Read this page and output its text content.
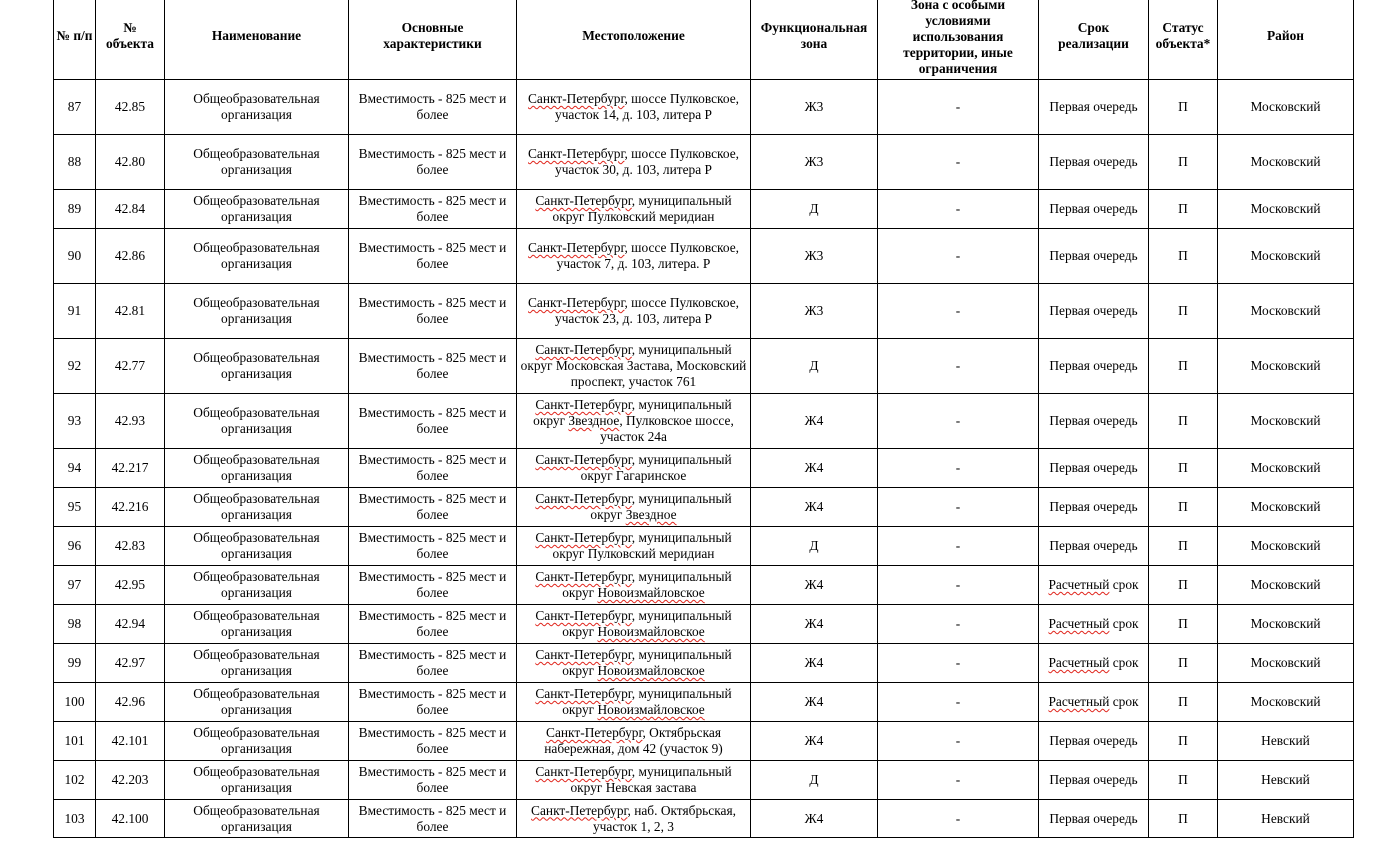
№ п/п	№ объекта	Наименование	Основные характеристики	Местоположение	Функциональная зона	Зона с особыми условиями использования территории, иные ограничения	Срок реализации	Статус объекта*	Район
87	42.85	Общеобразовательная организация	Вместимость - 825 мест и более	Санкт-Петербург, шоссе Пулковское, участок 14, д. 103, литера Р	Ж3	-	Первая очередь	П	Московский
88	42.80	Общеобразовательная организация	Вместимость - 825 мест и более	Санкт-Петербург, шоссе Пулковское, участок 30, д. 103, литера Р	Ж3	-	Первая очередь	П	Московский
89	42.84	Общеобразовательная организация	Вместимость - 825 мест и более	Санкт-Петербург, муниципальный округ Пулковский меридиан	Д	-	Первая очередь	П	Московский
90	42.86	Общеобразовательная организация	Вместимость - 825 мест и более	Санкт-Петербург, шоссе Пулковское, участок 7, д. 103, литера. Р	Ж3	-	Первая очередь	П	Московский
91	42.81	Общеобразовательная организация	Вместимость - 825 мест и более	Санкт-Петербург, шоссе Пулковское, участок 23, д. 103, литера Р	Ж3	-	Первая очередь	П	Московский
92	42.77	Общеобразовательная организация	Вместимость - 825 мест и более	Санкт-Петербург, муниципальный округ Московская Застава, Московский проспект, участок 761	Д	-	Первая очередь	П	Московский
93	42.93	Общеобразовательная организация	Вместимость - 825 мест и более	Санкт-Петербург, муниципальный округ Звездное, Пулковское шоссе, участок 24а	Ж4	-	Первая очередь	П	Московский
94	42.217	Общеобразовательная организация	Вместимость - 825 мест и более	Санкт-Петербург, муниципальный округ Гагаринское	Ж4	-	Первая очередь	П	Московский
95	42.216	Общеобразовательная организация	Вместимость - 825 мест и более	Санкт-Петербург, муниципальный округ Звездное	Ж4	-	Первая очередь	П	Московский
96	42.83	Общеобразовательная организация	Вместимость - 825 мест и более	Санкт-Петербург, муниципальный округ Пулковский меридиан	Д	-	Первая очередь	П	Московский
97	42.95	Общеобразовательная организация	Вместимость - 825 мест и более	Санкт-Петербург, муниципальный округ Новоизмайловское	Ж4	-	Расчетный срок	П	Московский
98	42.94	Общеобразовательная организация	Вместимость - 825 мест и более	Санкт-Петербург, муниципальный округ Новоизмайловское	Ж4	-	Расчетный срок	П	Московский
99	42.97	Общеобразовательная организация	Вместимость - 825 мест и более	Санкт-Петербург, муниципальный округ Новоизмайловское	Ж4	-	Расчетный срок	П	Московский
100	42.96	Общеобразовательная организация	Вместимость - 825 мест и более	Санкт-Петербург, муниципальный округ Новоизмайловское	Ж4	-	Расчетный срок	П	Московский
101	42.101	Общеобразовательная организация	Вместимость - 825 мест и более	Санкт-Петербург, Октябрьская набережная, дом 42 (участок 9)	Ж4	-	Первая очередь	П	Невский
102	42.203	Общеобразовательная организация	Вместимость - 825 мест и более	Санкт-Петербург, муниципальный округ Невская застава	Д	-	Первая очередь	П	Невский
103	42.100	Общеобразовательная организация	Вместимость - 825 мест и более	Санкт-Петербург, наб. Октябрьская, участок 1, 2, 3	Ж4	-	Первая очередь	П	Невский
